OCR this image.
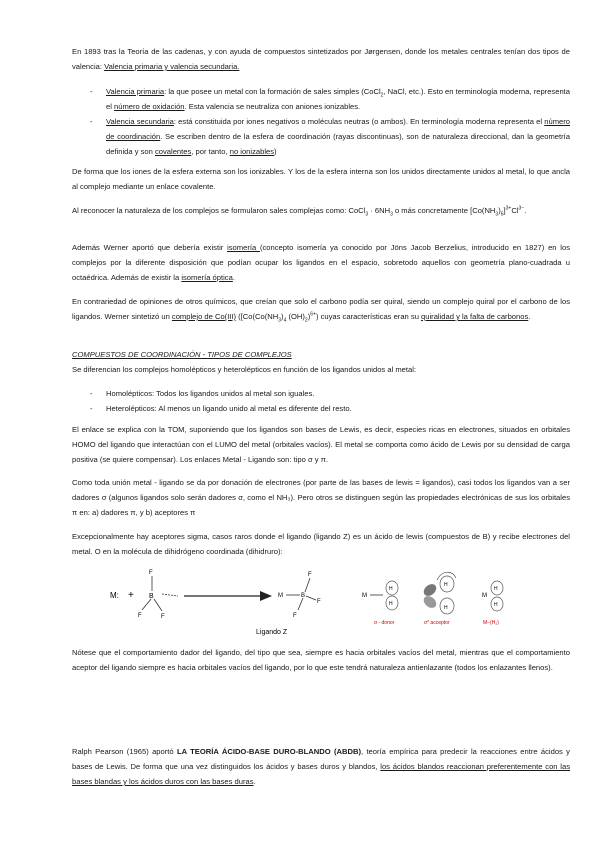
En 1893 tras la Teoría de las cadenas, y con ayuda de compuestos sintetizados por Jørgensen, donde los metales centrales tenían dos tipos de valencia: Valencia primaria y valencia secundaria.

- Valencia primaria: la que posee un metal con la formación de sales simples (CoCl$_2$, NaCl, etc.). Esto en terminología moderna, representa el número de oxidación. Esta valencia se neutraliza con aniones ionizables.
- Valencia secundaria: está constituida por iones negativos o moléculas neutras (o ambos). En terminología moderna representa el número de coordinación. Se escriben dentro de la esfera de coordinación (rayas discontinuas), son de naturaleza direccional, dan la geometría definida y son covalentes, por tanto, no ionizables)

De forma que los iones de la esfera externa son los ionizables. Y los de la esfera interna son los unidos directamente unidos al metal, lo que ancla al complejo mediante un enlace covalente.

Al reconocer la naturaleza de los complejos se formularon sales complejas como: CoCl$_3$ · $6NH_3$ o más concretamente $[Co(NH_3)_6]^{3+}Cl^{3-}$.

Además Werner aportó que debería existir isomería (concepto isomería ya conocido por Jöns Jacob Berzelius, introducido en 1827) en los complejos por la diferente disposición que podían ocupar los ligandos en el espacio, sobretodo aquellos con geometría plano-cuadrada u octaédrica. Además de existir la isomería óptica.

En contrariedad de opiniones de otros químicos, que creían que solo el carbono podía ser quiral, siendo un complejo quiral por el carbono de los ligandos. Werner sintetizó un complejo de Co(III) ([$Co(Co(NH_3)_4$ $(OH)_2)^{6+}$) cuyas características eran su quiralidad y la falta de carbonos.

COMPUESTOS DE COORDINACIÓN - TIPOS DE COMPLEJOS

Se diferencian los complejos homolépticos y heterolépticos en función de los ligandos unidos al metal:

- Homolépticos: Todos los ligandos unidos al metal son iguales.
- Heterolépticos: Al menos un ligando unido al metal es diferente del resto.

El enlace se explica con la TOM, suponiendo que los ligandos son bases de Lewis, es decir, especies ricas en electrones, situados en orbitales HOMO del ligando que interactúan con el LUMO del metal (orbitales vacíos). El metal se comporta como ácido de Lewis por su densidad de carga positiva (se quiere compensar). Los enlaces Metal - Ligando son: tipo σ y π.

Como toda unión metal - ligando se da por donación de electrones (por parte de las bases de lewis = ligandos), casi todos los ligandos van a ser dadores σ (algunos ligandos solo serán dadores σ, como el NH₃). Pero otros se distinguen según las propiedades electrónicas de sus los orbitales π en: a) dadores π, y b) aceptores π

Excepcionalmente hay aceptores sigma, casos raros donde el ligando (ligando Z) es un ácido de lewis (compuestos de B) y recibe electrones del metal. O en la molécula de dihidrógeno coordinada (dihidruro):

M: + B
F
F	F
M	B
F
F
F
Ligando Z
M
H
H
σ - donor
H
H
σ* acceptor
M
H
H
M–(H₂)

Nótese que el comportamiento dador del ligando, del tipo que sea, siempre es hacia orbitales vacíos del metal, mientras que el comportamiento aceptor del ligando siempre es hacia orbitales vacíos del ligando, por lo que este tendrá naturaleza antienlazante (todos los enlazantes llenos).

Ralph Pearson (1965) aportó LA TEORÍA ÁCIDO-BASE DURO-BLANDO (ABDB), teoría empírica para predecir la reacciones entre ácidos y bases de Lewis. De forma que una vez distinguidos los ácidos y bases duros y blandos, los ácidos blandos reaccionan preferentemente con las bases blandas y los ácidos duros con las bases duras.
